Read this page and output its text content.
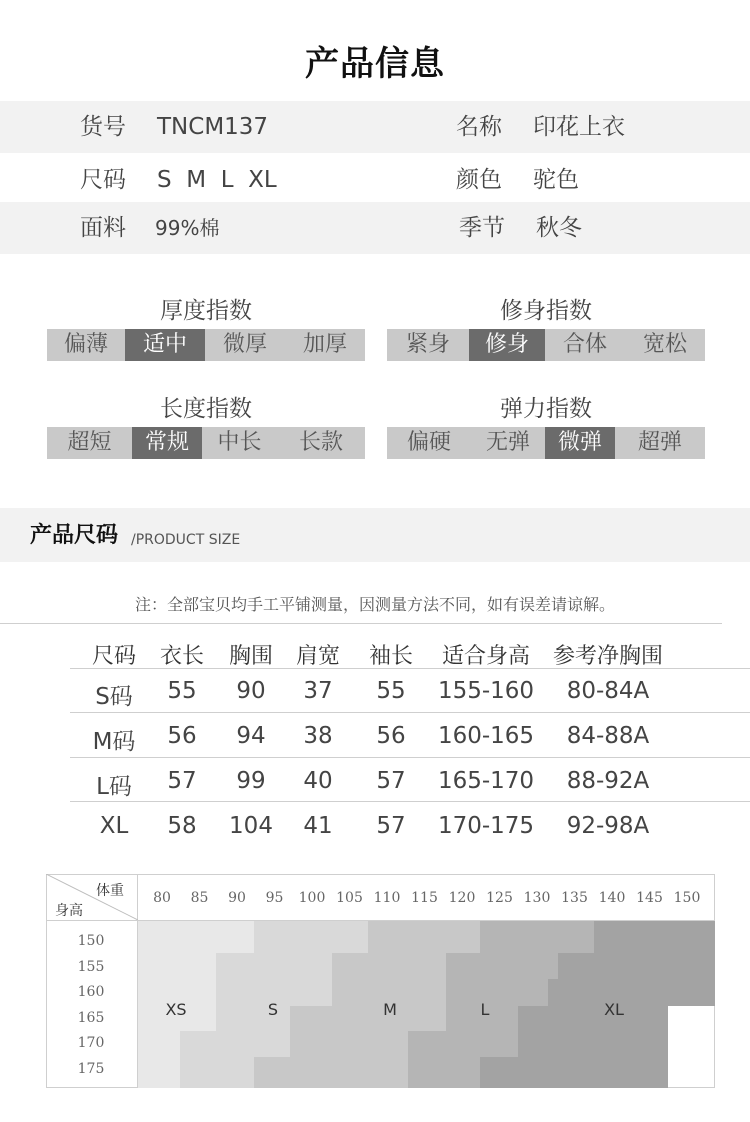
产品信息
货号 TNCM137	名称 印花上衣
尺码 S  M  L  XL	颜色 驼色
面料 99%棉	季节 秋冬
厚度指数
偏薄	适中	微厚	加厚
修身指数
紧身	修身	合体	宽松
长度指数
超短	常规	中长	长款
弹力指数
偏硬	无弹	微弹	超弹
产品尺码 /PRODUCT SIZE
注：全部宝贝均手工平铺测量，因测量方法不同，如有误差请谅解。
尺码	衣长	胸围	肩宽	袖长	适合身高	参考净胸围
S码	55	90	37	55	155-160	80-84A
M码	56	94	38	56	160-165	84-88A
L码	57	99	40	57	165-170	88-92A
XL	58	104	41	57	170-175	92-98A
XS	S	M	L	XL
体重
身高
80	85	90	95	100 105 110 115 120 125 130 135 140 145 150
150
155
160
165
170
175
